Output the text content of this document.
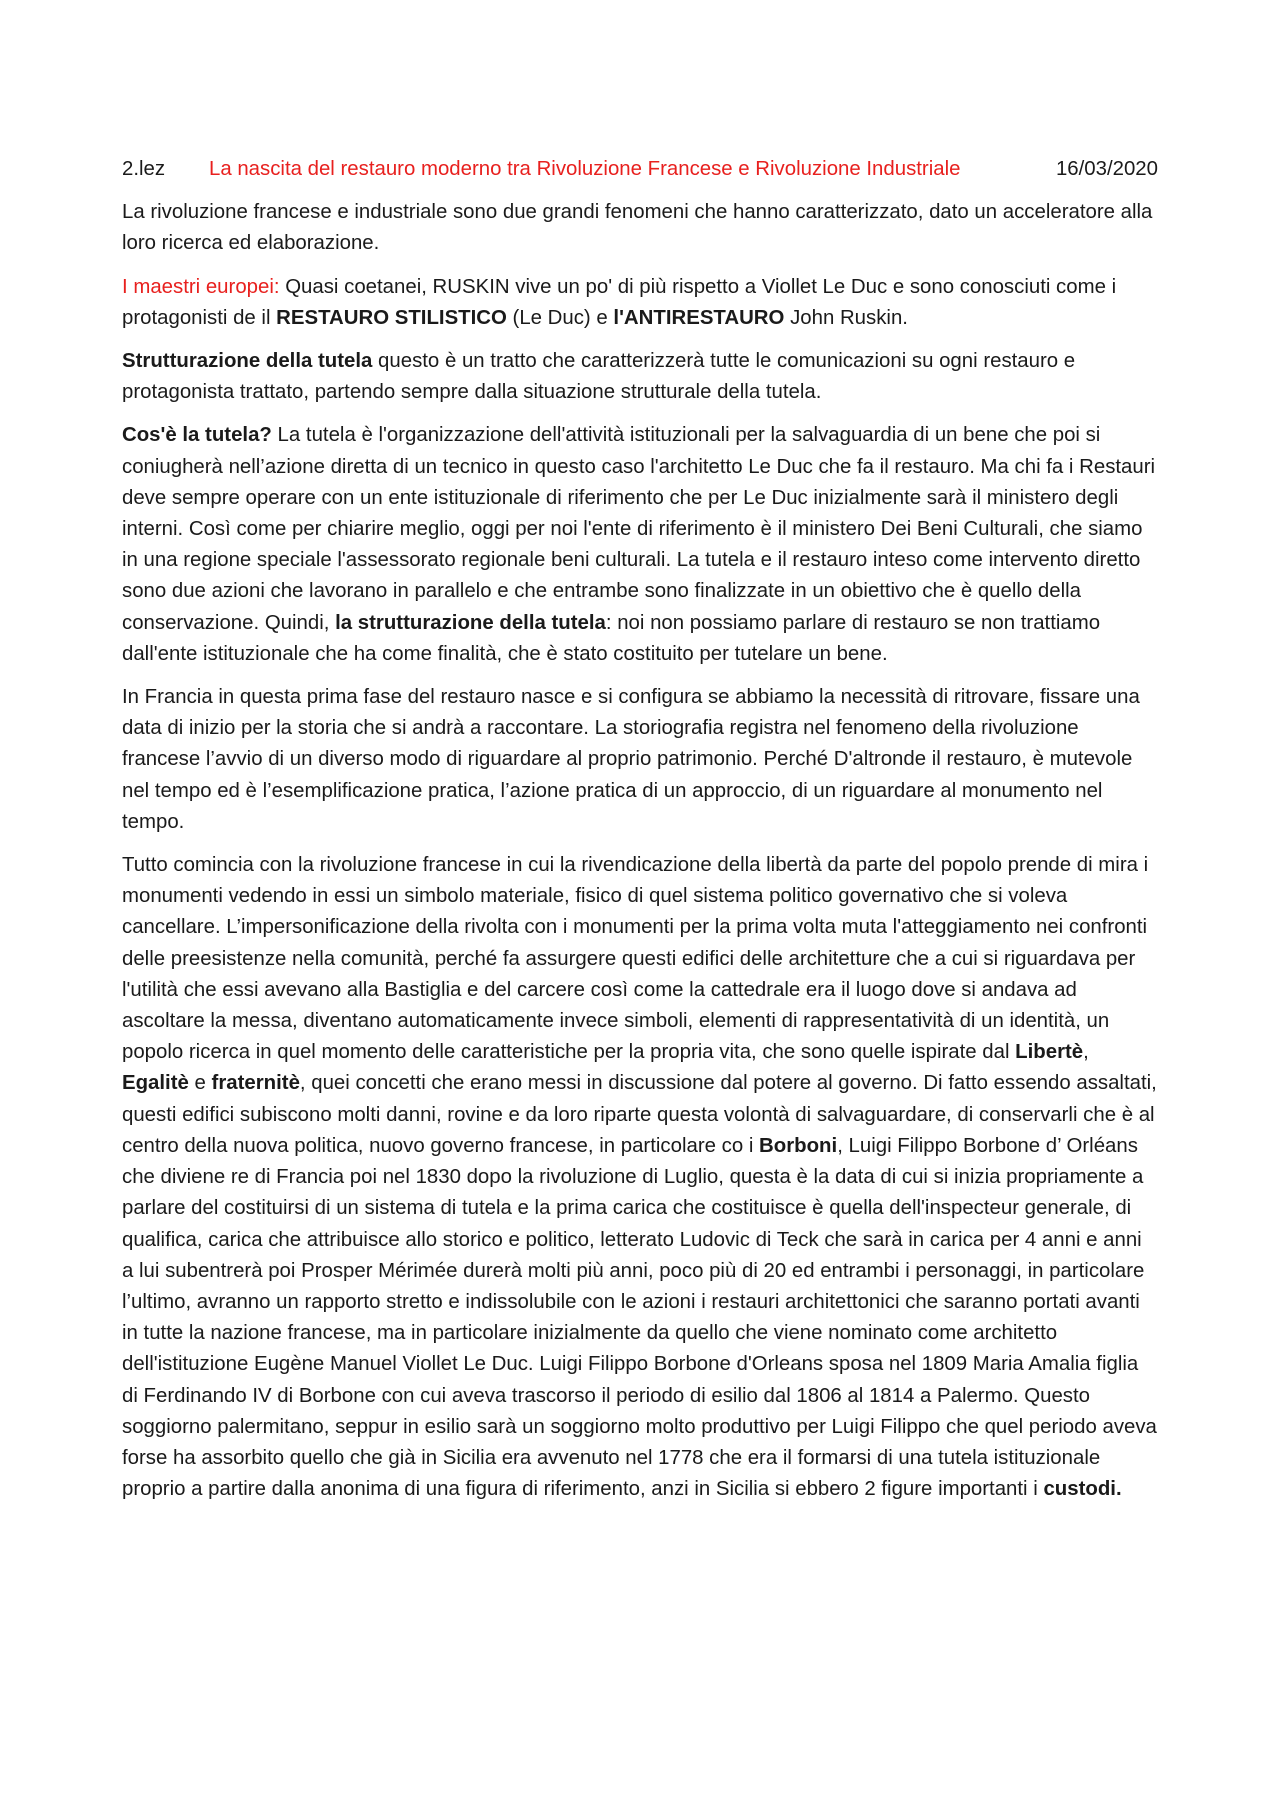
2.lez	La nascita del restauro moderno tra Rivoluzione Francese e Rivoluzione Industriale	16/03/2020

La rivoluzione francese e industriale sono due grandi fenomeni che hanno caratterizzato, dato un acceleratore alla loro ricerca ed elaborazione.

I maestri europei: Quasi coetanei, RUSKIN vive un po' di più rispetto a Viollet Le Duc e sono conosciuti come i protagonisti de il RESTAURO STILISTICO (Le Duc) e l'ANTIRESTAURO John Ruskin.

Strutturazione della tutela questo è un tratto che caratterizzerà tutte le comunicazioni su ogni restauro e protagonista trattato, partendo sempre dalla situazione strutturale della tutela.

Cos'è la tutela? La tutela è l'organizzazione dell'attività istituzionali per la salvaguardia di un bene che poi si coniugherà nell’azione diretta di un tecnico in questo caso l'architetto Le Duc che fa il restauro. Ma chi fa i Restauri deve sempre operare con un ente istituzionale di riferimento che per Le Duc inizialmente sarà il ministero degli interni. Così come per chiarire meglio, oggi per noi l'ente di riferimento è il ministero Dei Beni Culturali, che siamo in una regione speciale l'assessorato regionale beni culturali. La tutela e il restauro inteso come intervento diretto sono due azioni che lavorano in parallelo e che entrambe sono finalizzate in un obiettivo che è quello della conservazione. Quindi, la strutturazione della tutela: noi non possiamo parlare di restauro se non trattiamo dall'ente istituzionale che ha come finalità, che è stato costituito per tutelare un bene.

In Francia in questa prima fase del restauro nasce e si configura se abbiamo la necessità di ritrovare, fissare una data di inizio per la storia che si andrà a raccontare. La storiografia registra nel fenomeno della rivoluzione francese l’avvio di un diverso modo di riguardare al proprio patrimonio. Perché D'altronde il restauro, è mutevole nel tempo ed è l’esemplificazione pratica, l’azione pratica di un approccio, di un riguardare al monumento nel tempo.

Tutto comincia con la rivoluzione francese in cui la rivendicazione della libertà da parte del popolo prende di mira i monumenti vedendo in essi un simbolo materiale, fisico di quel sistema politico governativo che si voleva cancellare. L’impersonificazione della rivolta con i monumenti per la prima volta muta l'atteggiamento nei confronti delle preesistenze nella comunità, perché fa assurgere questi edifici delle architetture che a cui si riguardava per l'utilità che essi avevano alla Bastiglia e del carcere così come la cattedrale era il luogo dove si andava ad ascoltare la messa, diventano automaticamente invece simboli, elementi di rappresentatività di un identità, un popolo ricerca in quel momento delle caratteristiche per la propria vita, che sono quelle ispirate dal Libertè, Egalitè e fraternitè, quei concetti che erano messi in discussione dal potere al governo. Di fatto essendo assaltati, questi edifici subiscono molti danni, rovine e da loro riparte questa volontà di salvaguardare, di conservarli che è al centro della nuova politica, nuovo governo francese, in particolare co i Borboni, Luigi Filippo Borbone d’ Orléans che diviene re di Francia poi nel 1830 dopo la rivoluzione di Luglio, questa è la data di cui si inizia propriamente a parlare del costituirsi di un sistema di tutela e la prima carica che costituisce è quella dell'inspecteur generale, di qualifica, carica che attribuisce allo storico e politico, letterato Ludovic di Teck che sarà in carica per 4 anni e anni a lui subentrerà poi Prosper Mérimée durerà molti più anni, poco più di 20 ed entrambi i personaggi, in particolare l’ultimo, avranno un rapporto stretto e indissolubile con le azioni i restauri architettonici che saranno portati avanti in tutte la nazione francese, ma in particolare inizialmente da quello che viene nominato come architetto dell'istituzione Eugène Manuel Viollet Le Duc. Luigi Filippo Borbone d'Orleans sposa nel 1809 Maria Amalia figlia di Ferdinando IV di Borbone con cui aveva trascorso il periodo di esilio dal 1806 al 1814 a Palermo. Questo soggiorno palermitano, seppur in esilio sarà un soggiorno molto produttivo per Luigi Filippo che quel periodo aveva forse ha assorbito quello che già in Sicilia era avvenuto nel 1778 che era il formarsi di una tutela istituzionale proprio a partire dalla anonima di una figura di riferimento, anzi in Sicilia si ebbero 2 figure importanti i custodi.
